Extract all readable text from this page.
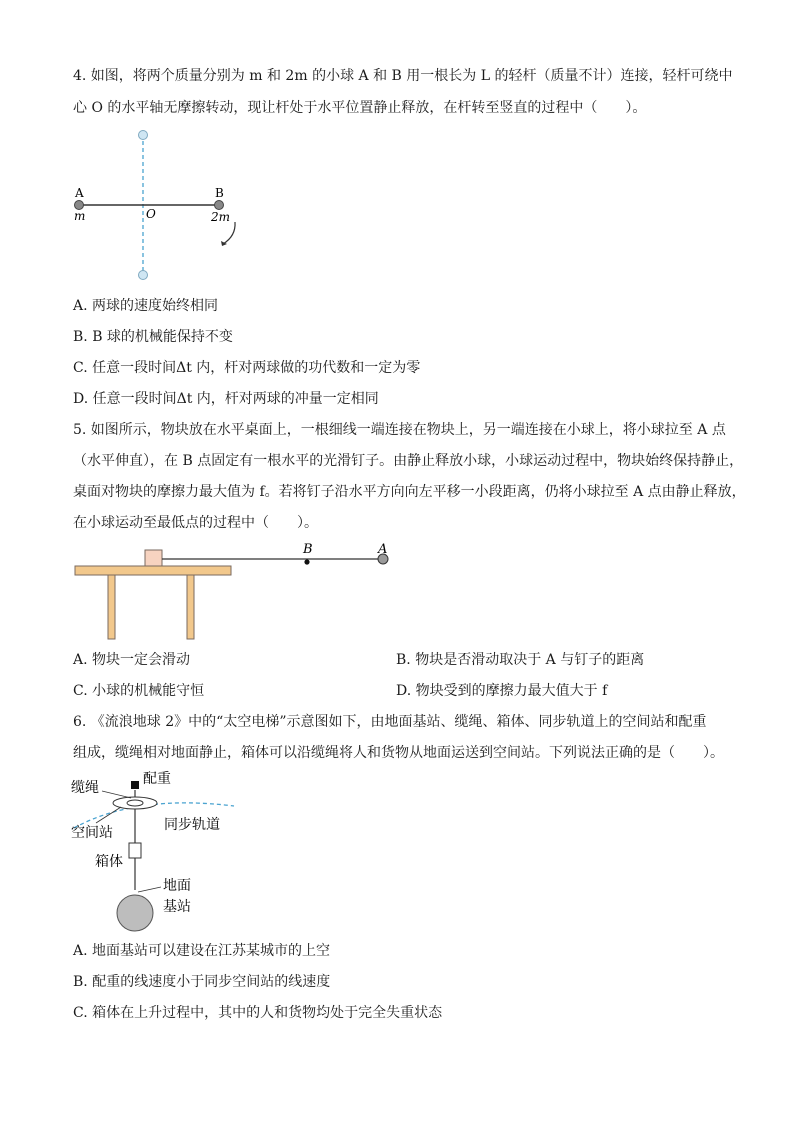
4. 如图，将两个质量分别为 m 和 2m 的小球 A 和 B 用一根长为 L 的轻杆（质量不计）连接，轻杆可绕中
心 O 的水平轴无摩擦转动，现让杆处于水平位置静止释放，在杆转至竖直的过程中（　　）。
A	B
O
m	2m
A. 两球的速度始终相同
B. B 球的机械能保持不变
C. 任意一段时间Δt 内，杆对两球做的功代数和一定为零
D. 任意一段时间Δt 内，杆对两球的冲量一定相同
5. 如图所示，物块放在水平桌面上，一根细线一端连接在物块上，另一端连接在小球上，将小球拉至 A 点
（水平伸直），在 B 点固定有一根水平的光滑钉子。由静止释放小球，小球运动过程中，物块始终保持静止，
桌面对物块的摩擦力最大值为 f。若将钉子沿水平方向向左平移一小段距离，仍将小球拉至 A 点由静止释放，
在小球运动至最低点的过程中（　　）。
B	A
A. 物块一定会滑动	B. 物块是否滑动取决于 A 与钉子的距离
C. 小球的机械能守恒	D. 物块受到的摩擦力最大值大于 f
6. 《流浪地球 2》中的“太空电梯”示意图如下，由地面基站、缆绳、箱体、同步轨道上的空间站和配重
组成，缆绳相对地面静止，箱体可以沿缆绳将人和货物从地面运送到空间站。下列说法正确的是（　　）。
缆绳
配重
空间站	同步轨道
箱体
地面
基站
A. 地面基站可以建设在江苏某城市的上空
B. 配重的线速度小于同步空间站的线速度
C. 箱体在上升过程中，其中的人和货物均处于完全失重状态
